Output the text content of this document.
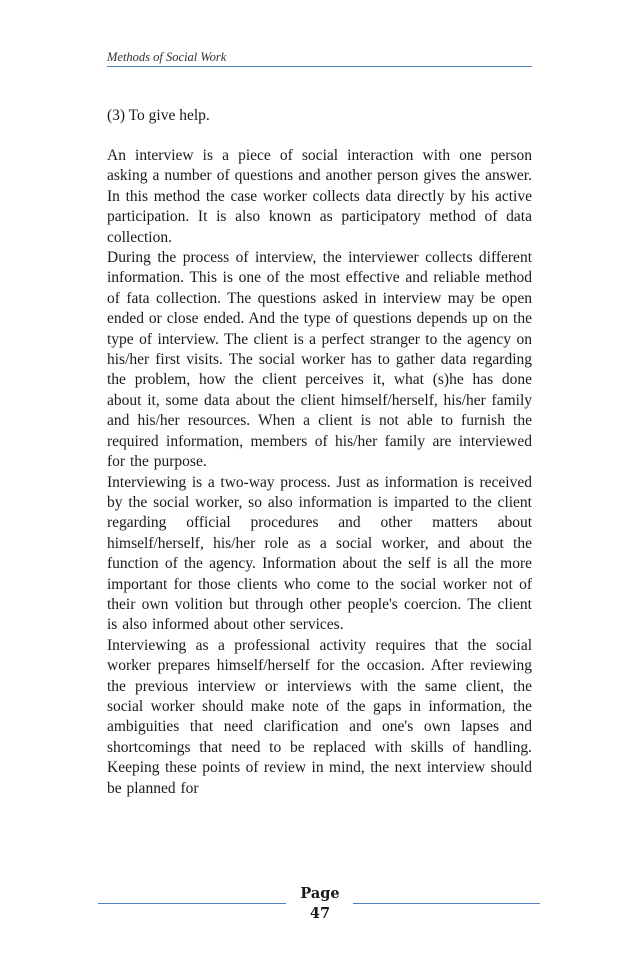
Methods of Social Work

(3) To give help.

An interview is a piece of social interaction with one person asking a number of questions and another person gives the answer. In this method the case worker collects data directly by his active participation. It is also known as participatory method of data collection.

During the process of interview, the interviewer collects different information. This is one of the most effective and reliable method of fata collection. The questions asked in interview may be open ended or close ended. And the type of questions depends up on the type of interview. The client is a perfect stranger to the agency on his/her first visits. The social worker has to gather data regarding the problem, how the client perceives it, what (s)he has done about it, some data about the client himself/herself, his/her family and his/her resources. When a client is not able to furnish the required information, members of his/her family are interviewed for the purpose.

Interviewing is a two-way process. Just as information is received by the social worker, so also information is imparted to the client regarding official procedures and other matters about himself/herself, his/her role as a social worker, and about the function of the agency. Information about the self is all the more important for those clients who come to the social worker not of their own volition but through other people's coercion. The client is also informed about other services.

Interviewing as a professional activity requires that the social worker prepares himself/herself for the occasion. After reviewing the previous interview or interviews with the same client, the social worker should make note of the gaps in information, the ambiguities that need clarification and one's own lapses and shortcomings that need to be replaced with skills of handling. Keeping these points of review in mind, the next interview should be planned for

Page
47
